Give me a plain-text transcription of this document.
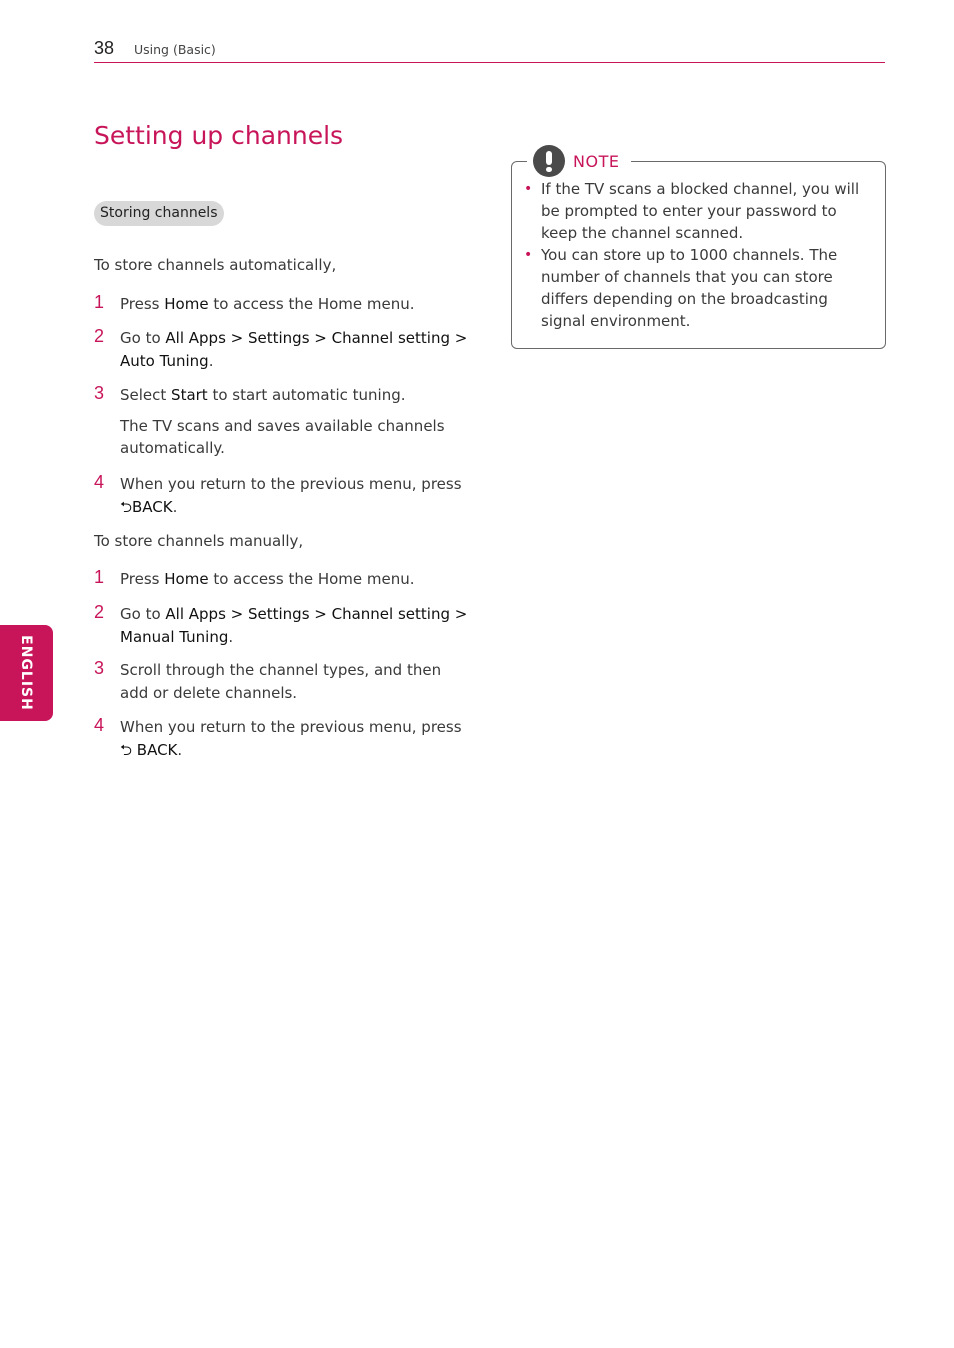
38 Using (Basic)
Setting up channels
Storing channels
To store channels automatically,
1 Press Home to access the Home menu.
2 Go to All Apps > Settings > Channel setting > Auto Tuning.
3 Select Start to start automatic tuning.
The TV scans and saves available channels automatically.
4 When you return to the previous menu, press
⮌BACK.
To store channels manually,
1 Press Home to access the Home menu.
2 Go to All Apps > Settings > Channel setting > Manual Tuning.
3 Scroll through the channel types, and then add or delete channels.
4 When you return to the previous menu, press
⮌ BACK.
ENGLISH
NOTE
• If the TV scans a blocked channel, you will be prompted to enter your password to keep the channel scanned.
• You can store up to 1000 channels. The number of channels that you can store differs depending on the broadcasting signal environment.
